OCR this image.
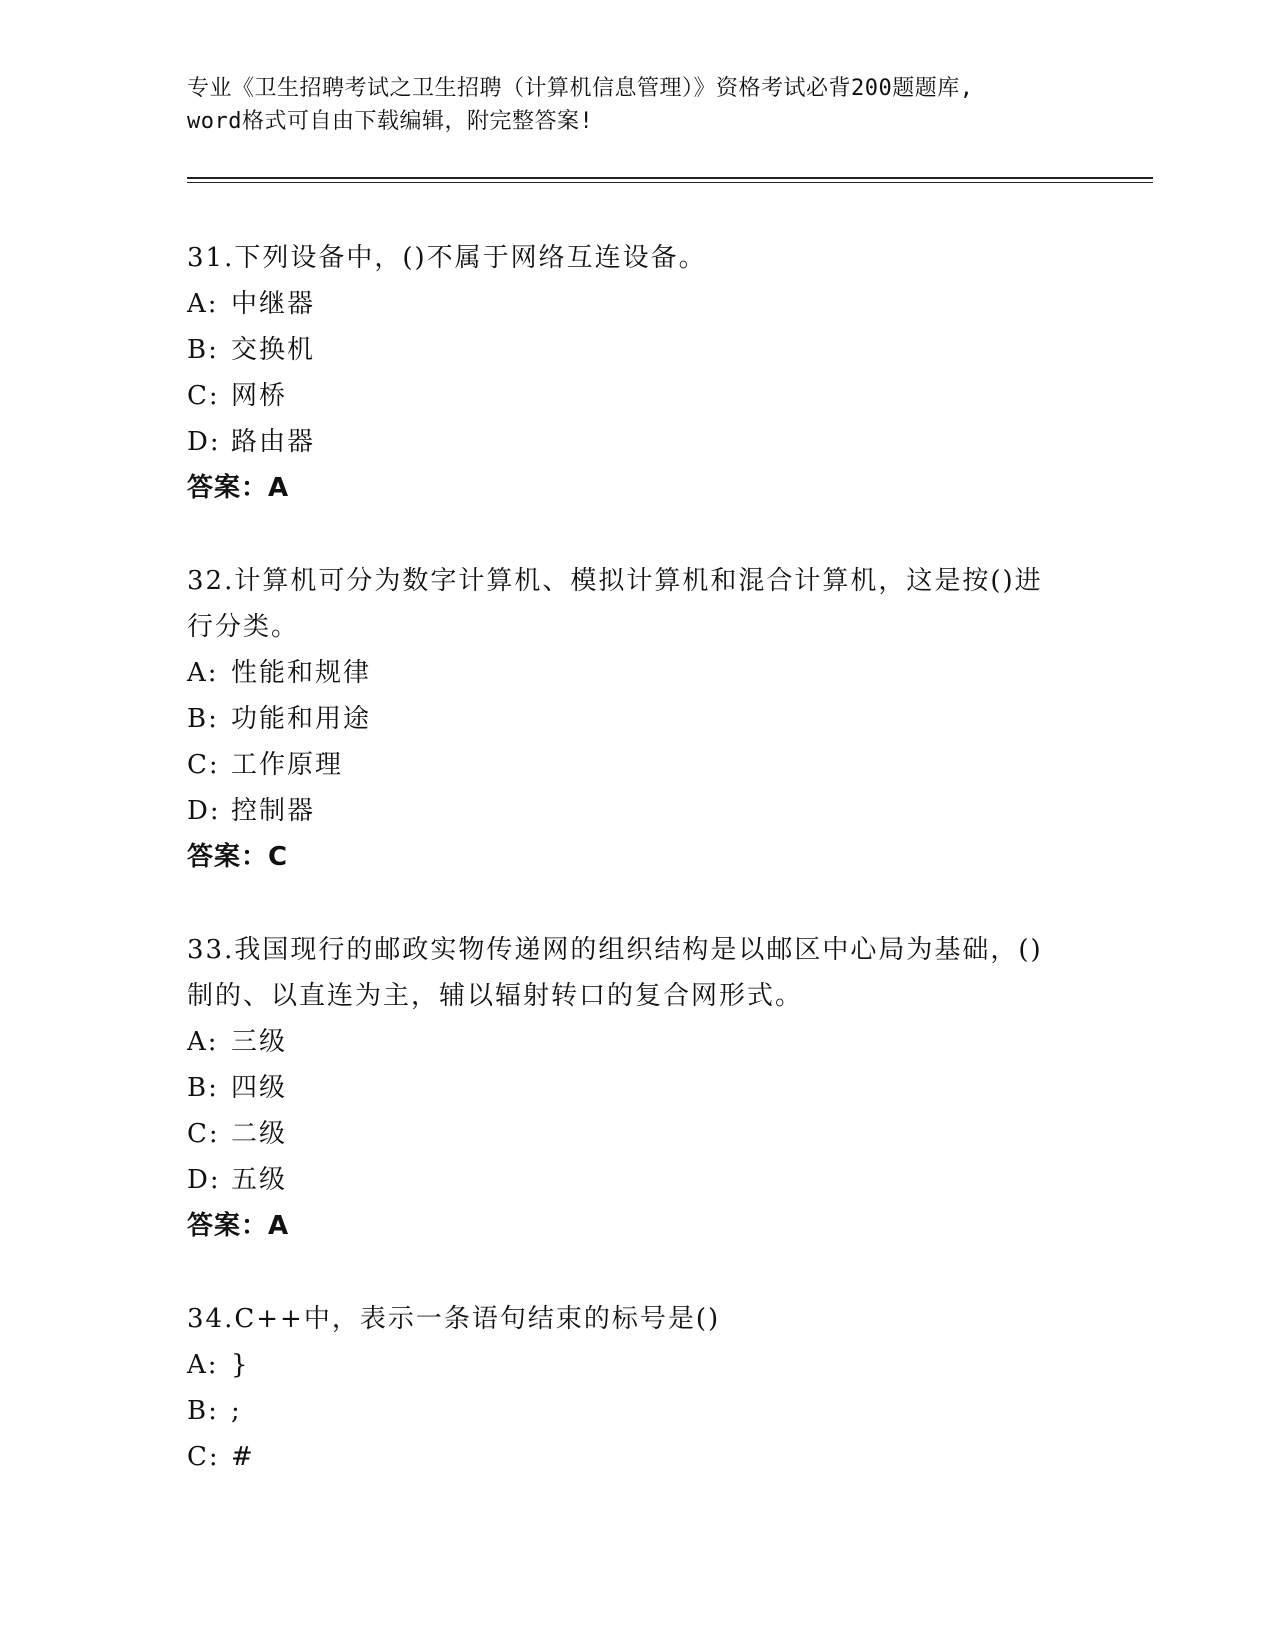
专业《卫生招聘考试之卫生招聘（计算机信息管理）》资格考试必背200题题库,

word格式可自由下载编辑，附完整答案!

31.下列设备中，()不属于网络互连设备。

A: 中继器

B: 交换机

C: 网桥

D: 路由器

答案：A

32.计算机可分为数字计算机、模拟计算机和混合计算机，这是按()进
行分类。

A: 性能和规律

B: 功能和用途

C: 工作原理

D: 控制器

答案：C

33.我国现行的邮政实物传递网的组织结构是以邮区中心局为基础，()
制的、以直连为主，辅以辐射转口的复合网形式。

A: 三级

B: 四级

C: 二级

D: 五级

答案：A

34.C++中，表示一条语句结束的标号是()

A: }

B: ;

C: #
